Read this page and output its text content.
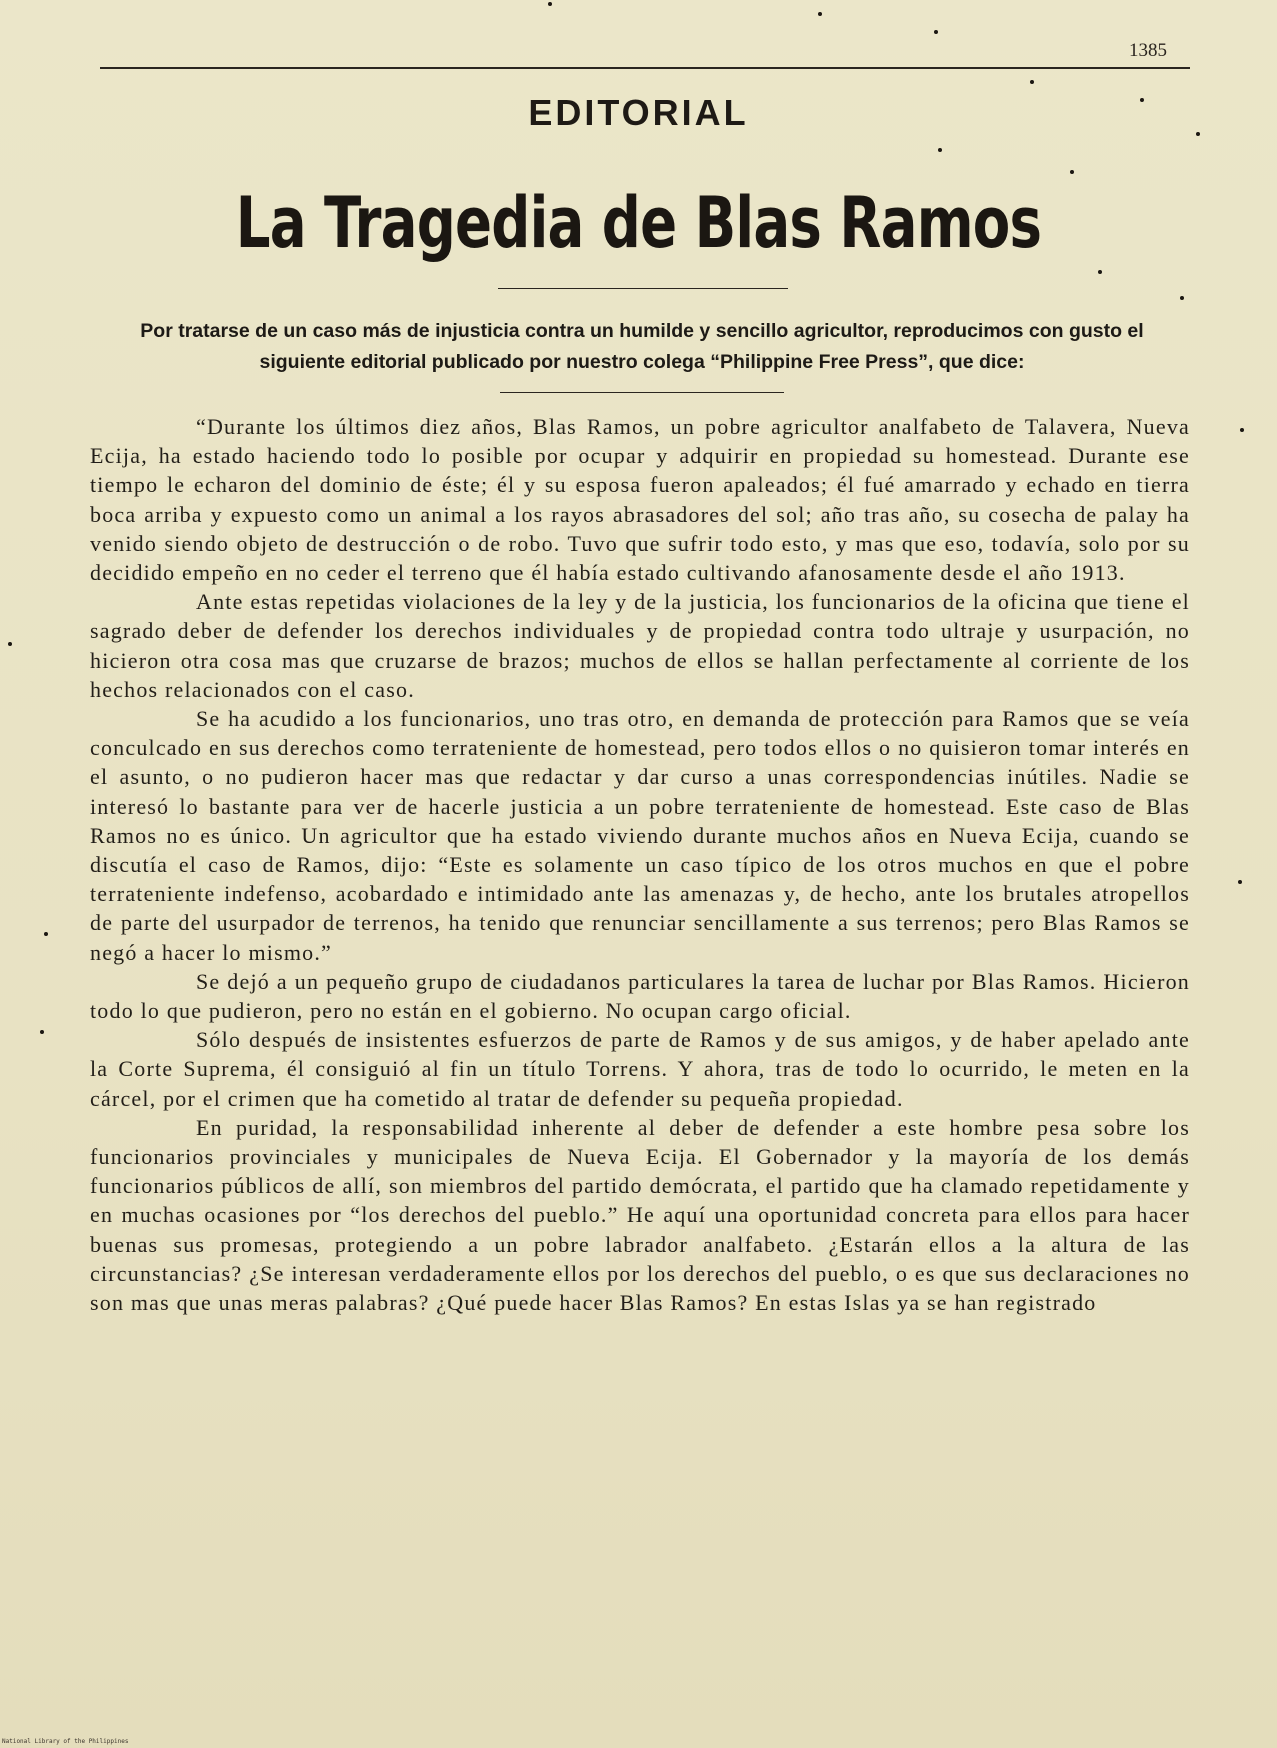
1385
EDITORIAL
La Tragedia de Blas Ramos
Por tratarse de un caso más de injusticia contra un humilde y sencillo agricultor, reproducimos con gusto el siguiente editorial publicado por nuestro colega “Philippine Free Press”, que dice:

“Durante los últimos diez años, Blas Ramos, un pobre agricultor analfabeto de Talavera, Nueva Ecija, ha estado haciendo todo lo posible por ocupar y adquirir en propiedad su homestead. Durante ese tiempo le echaron del dominio de éste; él y su esposa fueron apaleados; él fué amarrado y echado en tierra boca arriba y expuesto como un animal a los rayos abrasadores del sol; año tras año, su cosecha de palay ha venido siendo objeto de destrucción o de robo. Tuvo que sufrir todo esto, y mas que eso, todavía, solo por su decidido empeño en no ceder el terreno que él había estado cultivando afanosamente desde el año 1913.

Ante estas repetidas violaciones de la ley y de la justicia, los funcionarios de la oficina que tiene el sagrado deber de defender los derechos individuales y de propiedad contra todo ultraje y usurpación, no hicieron otra cosa mas que cruzarse de brazos; muchos de ellos se hallan perfectamente al corriente de los hechos relacionados con el caso.

Se ha acudido a los funcionarios, uno tras otro, en demanda de protección para Ramos que se veía conculcado en sus derechos como terrateniente de homestead, pero todos ellos o no quisieron tomar interés en el asunto, o no pudieron hacer mas que redactar y dar curso a unas correspondencias inútiles. Nadie se interesó lo bastante para ver de hacerle justicia a un pobre terrateniente de homestead. Este caso de Blas Ramos no es único. Un agricultor que ha estado viviendo durante muchos años en Nueva Ecija, cuando se discutía el caso de Ramos, dijo: “Este es solamente un caso típico de los otros muchos en que el pobre terrateniente indefenso, acobardado e intimidado ante las amenazas y, de hecho, ante los brutales atropellos de parte del usurpador de terrenos, ha tenido que renunciar sencillamente a sus terrenos; pero Blas Ramos se negó a hacer lo mismo.”

Se dejó a un pequeño grupo de ciudadanos particulares la tarea de luchar por Blas Ramos. Hicieron todo lo que pudieron, pero no están en el gobierno. No ocupan cargo oficial.

Sólo después de insistentes esfuerzos de parte de Ramos y de sus amigos, y de haber apelado ante la Corte Suprema, él consiguió al fin un título Torrens. Y ahora, tras de todo lo ocurrido, le meten en la cárcel, por el crimen que ha cometido al tratar de defender su pequeña propiedad.

En puridad, la responsabilidad inherente al deber de defender a este hombre pesa sobre los funcionarios provinciales y municipales de Nueva Ecija. El Gobernador y la mayoría de los demás funcionarios públicos de allí, son miembros del partido demócrata, el partido que ha clamado repetidamente y en muchas ocasiones por “los derechos del pueblo.” He aquí una oportunidad concreta para ellos para hacer buenas sus promesas, protegiendo a un pobre labrador analfabeto. ¿Estarán ellos a la altura de las circunstancias? ¿Se interesan verdaderamente ellos por los derechos del pueblo, o es que sus declaraciones no son mas que unas meras palabras? ¿Qué puede hacer Blas Ramos? En estas Islas ya se han registrado

National Library of the Philippines
